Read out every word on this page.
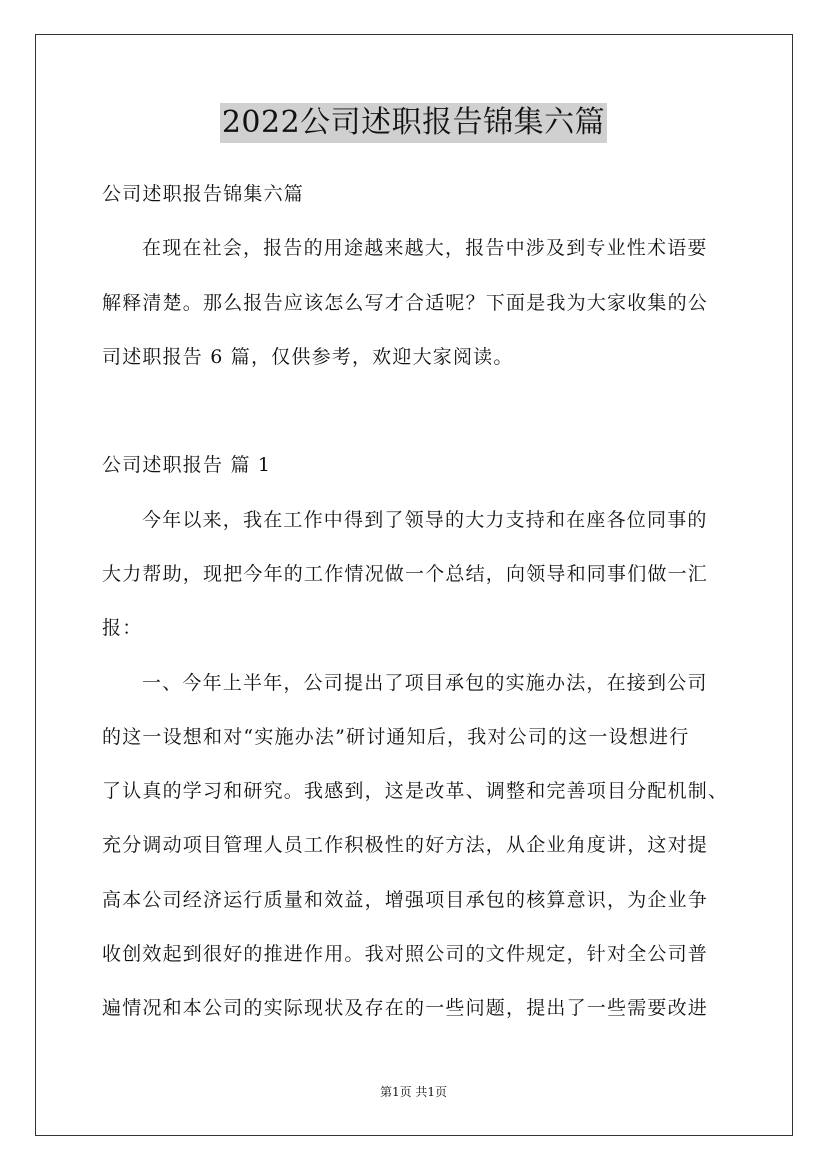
2022公司述职报告锦集六篇
公司述职报告锦集六篇
在现在社会，报告的用途越来越大，报告中涉及到专业性术语要
解释清楚。那么报告应该怎么写才合适呢？下面是我为大家收集的公
司述职报告 6 篇，仅供参考，欢迎大家阅读。
公司述职报告 篇 1
今年以来，我在工作中得到了领导的大力支持和在座各位同事的
大力帮助，现把今年的工作情况做一个总结，向领导和同事们做一汇
报：
一、今年上半年，公司提出了项目承包的实施办法，在接到公司
的这一设想和对“实施办法”研讨通知后，我对公司的这一设想进行
了认真的学习和研究。我感到，这是改革、调整和完善项目分配机制、
充分调动项目管理人员工作积极性的好方法，从企业角度讲，这对提
高本公司经济运行质量和效益，增强项目承包的核算意识，为企业争
收创效起到很好的推进作用。我对照公司的文件规定，针对全公司普
遍情况和本公司的实际现状及存在的一些问题，提出了一些需要改进
第1页 共1页
